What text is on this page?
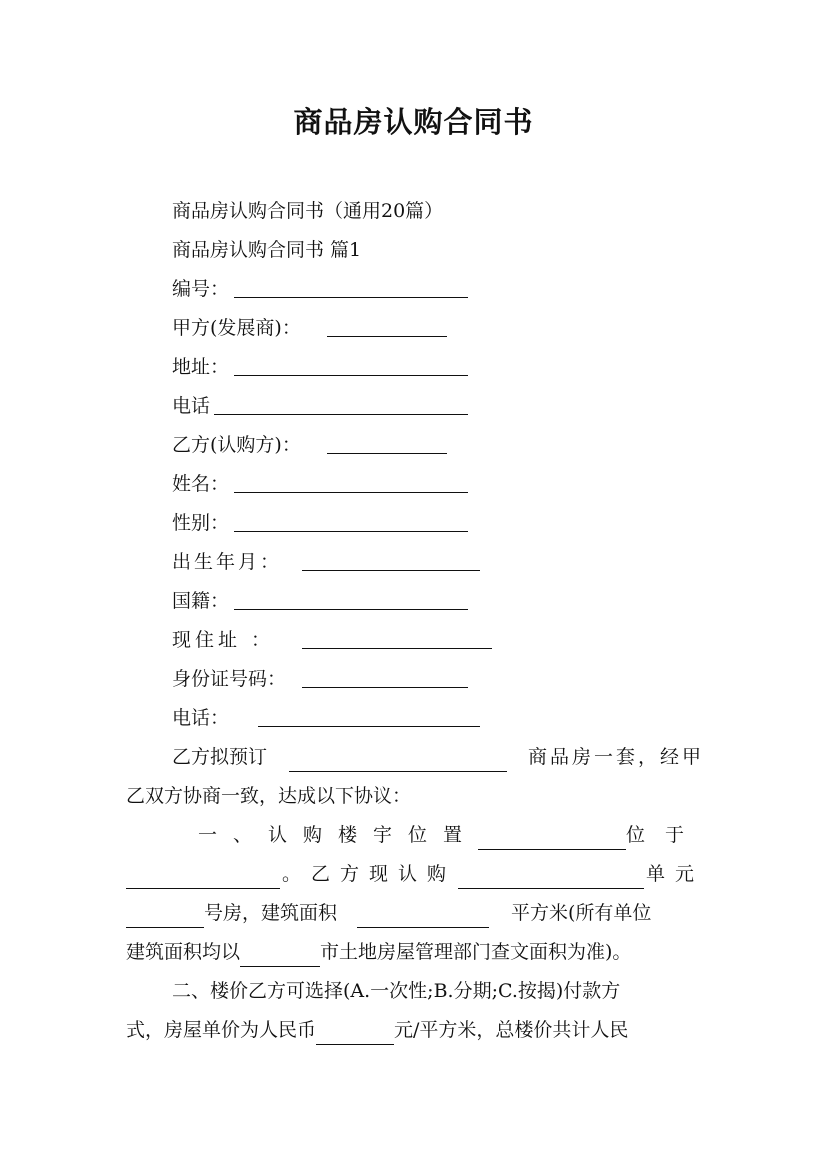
商品房认购合同书
商品房认购合同书（通用20篇）
商品房认购合同书 篇1
编号：
甲方(发展商)：
地址：
电话
乙方(认购方)：
姓名：
性别：
出生年月：
国籍：
现住址 ：
身份证号码：
电话：
乙方拟预订	商品房一套，经甲
乙双方协商一致，达成以下协议：
一、认购楼宇位置	位于
。乙方现认购	单元
号房，建筑面积	平方米(所有单位
建筑面积均以	市土地房屋管理部门查文面积为准)。
二、楼价乙方可选择(A.一次性;B.分期;C.按揭)付款方
式，房屋单价为人民币	元/平方米，总楼价共计人民
